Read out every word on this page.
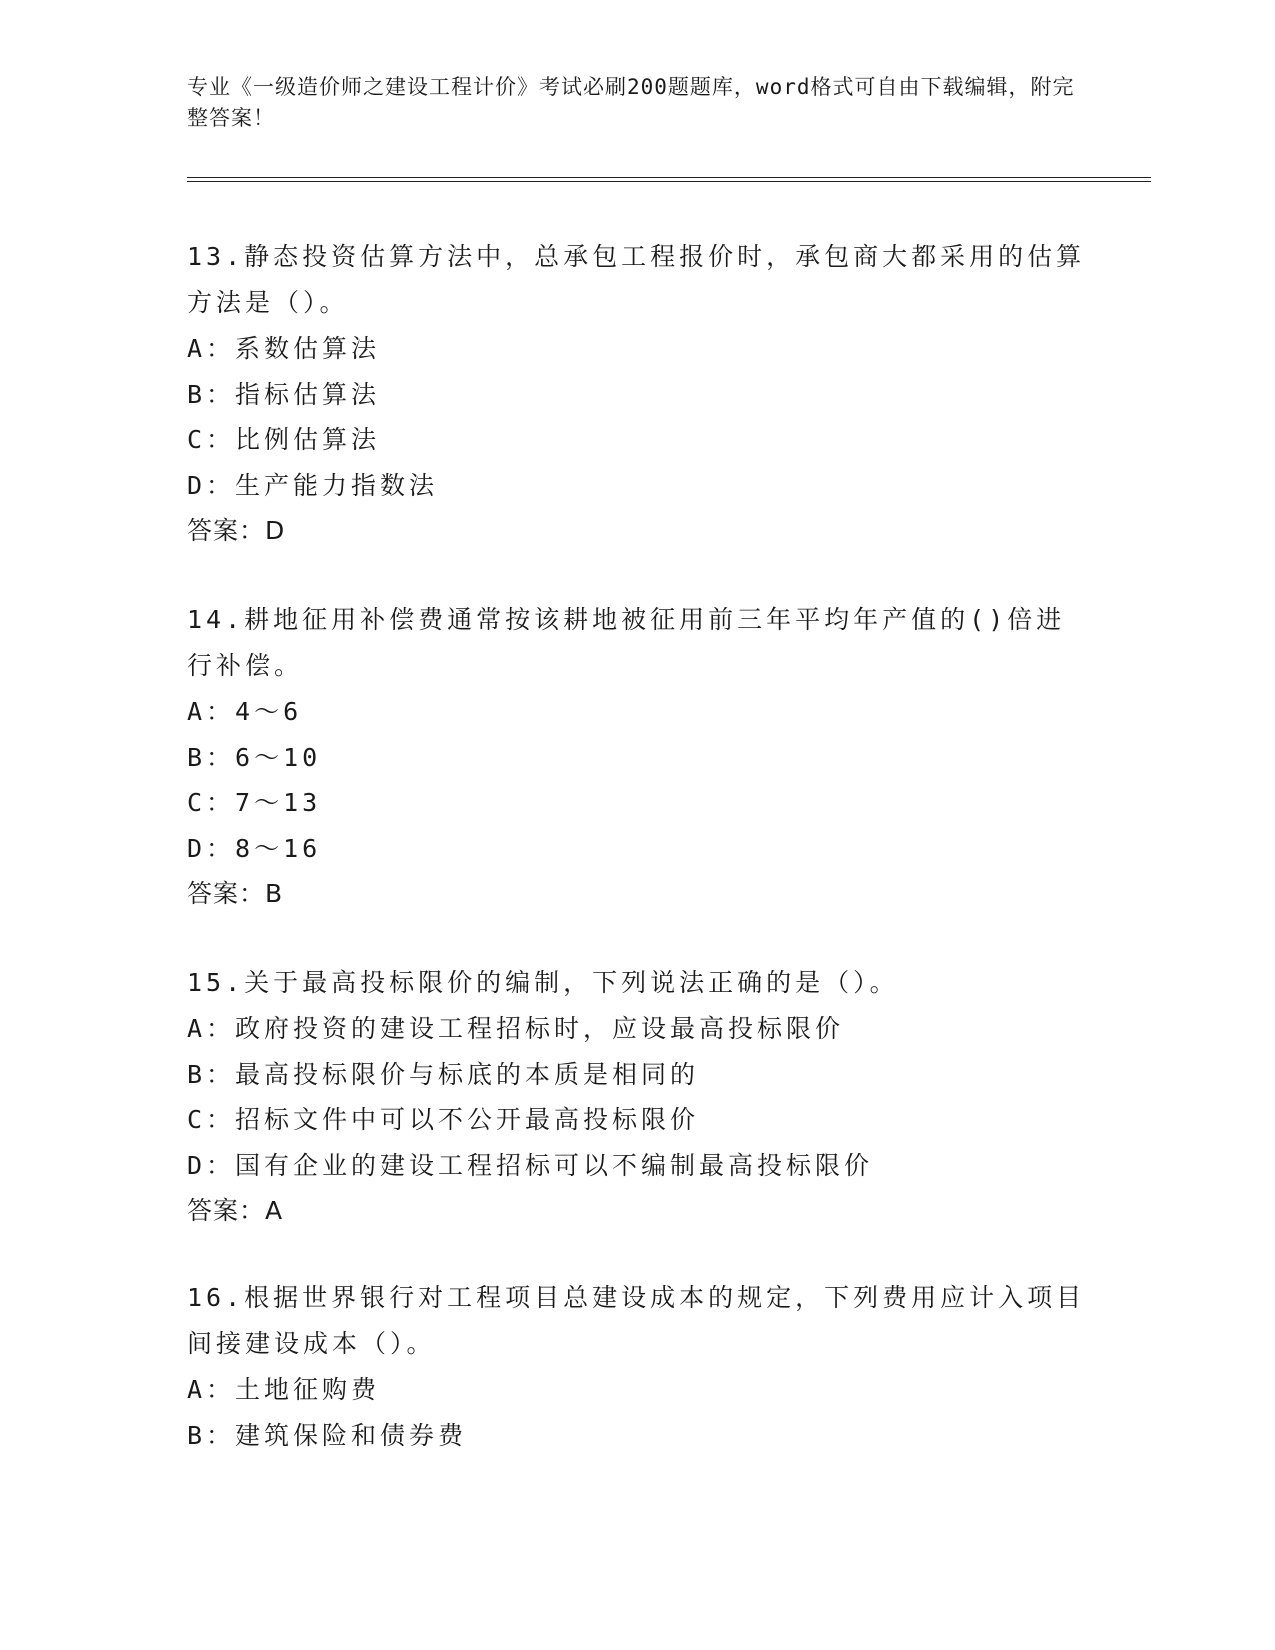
专业《一级造价师之建设工程计价》考试必刷200题题库，word格式可自由下载编辑，附完整答案！

13.静态投资估算方法中，总承包工程报价时，承包商大都采用的估算方法是（）。

A：系数估算法

B：指标估算法

C：比例估算法

D：生产能力指数法

答案：D

14.耕地征用补偿费通常按该耕地被征用前三年平均年产值的()倍进行补偿。

A：4～6

B：6～10

C：7～13

D：8～16

答案：B

15.关于最高投标限价的编制，下列说法正确的是（）。

A：政府投资的建设工程招标时，应设最高投标限价

B：最高投标限价与标底的本质是相同的

C：招标文件中可以不公开最高投标限价

D：国有企业的建设工程招标可以不编制最高投标限价

答案：A

16.根据世界银行对工程项目总建设成本的规定，下列费用应计入项目间接建设成本（）。

A：土地征购费

B：建筑保险和债券费
